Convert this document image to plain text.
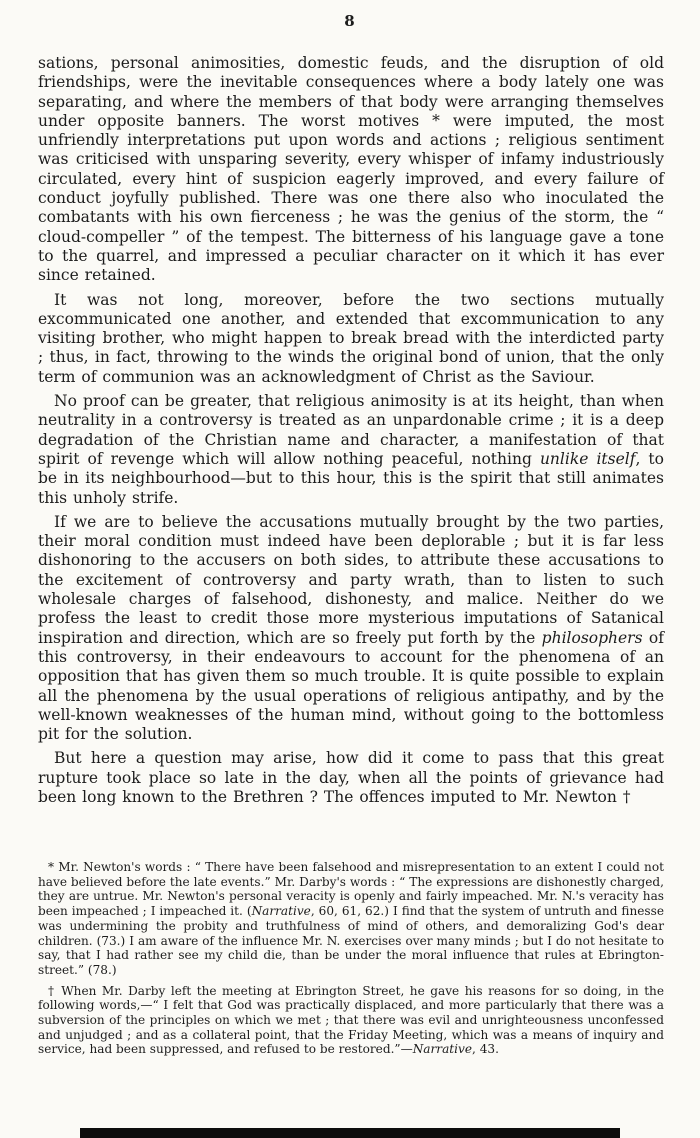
8

sations, personal animosities, domestic feuds, and the disruption of old friendships, were the inevitable consequences where a body lately one was separating, and where the members of that body were arranging themselves under opposite banners. The worst motives * were imputed, the most unfriendly interpretations put upon words and actions ; religious sentiment was criticised with unsparing severity, every whisper of infamy industriously circulated, every hint of suspicion eagerly improved, and every failure of conduct joyfully published. There was one there also who inoculated the combatants with his own fierceness ; he was the genius of the storm, the “ cloud-compeller ” of the tempest. The bitterness of his language gave a tone to the quarrel, and impressed a peculiar character on it which it has ever since retained.

It was not long, moreover, before the two sections mutually excommunicated one another, and extended that excommunication to any visiting brother, who might happen to break bread with the interdicted party ; thus, in fact, throwing to the winds the original bond of union, that the only term of communion was an acknowledgment of Christ as the Saviour.

No proof can be greater, that religious animosity is at its height, than when neutrality in a controversy is treated as an unpardonable crime ; it is a deep degradation of the Christian name and character, a manifestation of that spirit of revenge which will allow nothing peaceful, nothing unlike itself, to be in its neighbourhood—but to this hour, this is the spirit that still animates this unholy strife.

If we are to believe the accusations mutually brought by the two parties, their moral condition must indeed have been deplorable ; but it is far less dishonoring to the accusers on both sides, to attribute these accusations to the excitement of controversy and party wrath, than to listen to such wholesale charges of falsehood, dishonesty, and malice. Neither do we profess the least to credit those more mysterious imputations of Satanical inspiration and direction, which are so freely put forth by the philosophers of this controversy, in their endeavours to account for the phenomena of an opposition that has given them so much trouble. It is quite possible to explain all the phenomena by the usual operations of religious antipathy, and by the well-known weaknesses of the human mind, without going to the bottomless pit for the solution.

But here a question may arise, how did it come to pass that this great rupture took place so late in the day, when all the points of grievance had been long known to the Brethren ? The offences imputed to Mr. Newton †

* Mr. Newton's words : “ There have been falsehood and misrepresentation to an extent I could not have believed before the late events.” Mr. Darby's words : “ The expressions are dishonestly charged, they are untrue. Mr. Newton's personal veracity is openly and fairly impeached. Mr. N.'s veracity has been impeached ; I impeached it. (Narrative, 60, 61, 62.) I find that the system of untruth and finesse was undermining the probity and truthfulness of mind of others, and demoralizing God's dear children. (73.) I am aware of the influence Mr. N. exercises over many minds ; but I do not hesitate to say, that I had rather see my child die, than be under the moral influence that rules at Ebrington-street.” (78.)

† When Mr. Darby left the meeting at Ebrington Street, he gave his reasons for so doing, in the following words,—“ I felt that God was practically displaced, and more particularly that there was a subversion of the principles on which we met ; that there was evil and unrighteousness unconfessed and unjudged ; and as a collateral point, that the Friday Meeting, which was a means of inquiry and service, had been suppressed, and refused to be restored.”—Narrative, 43.
